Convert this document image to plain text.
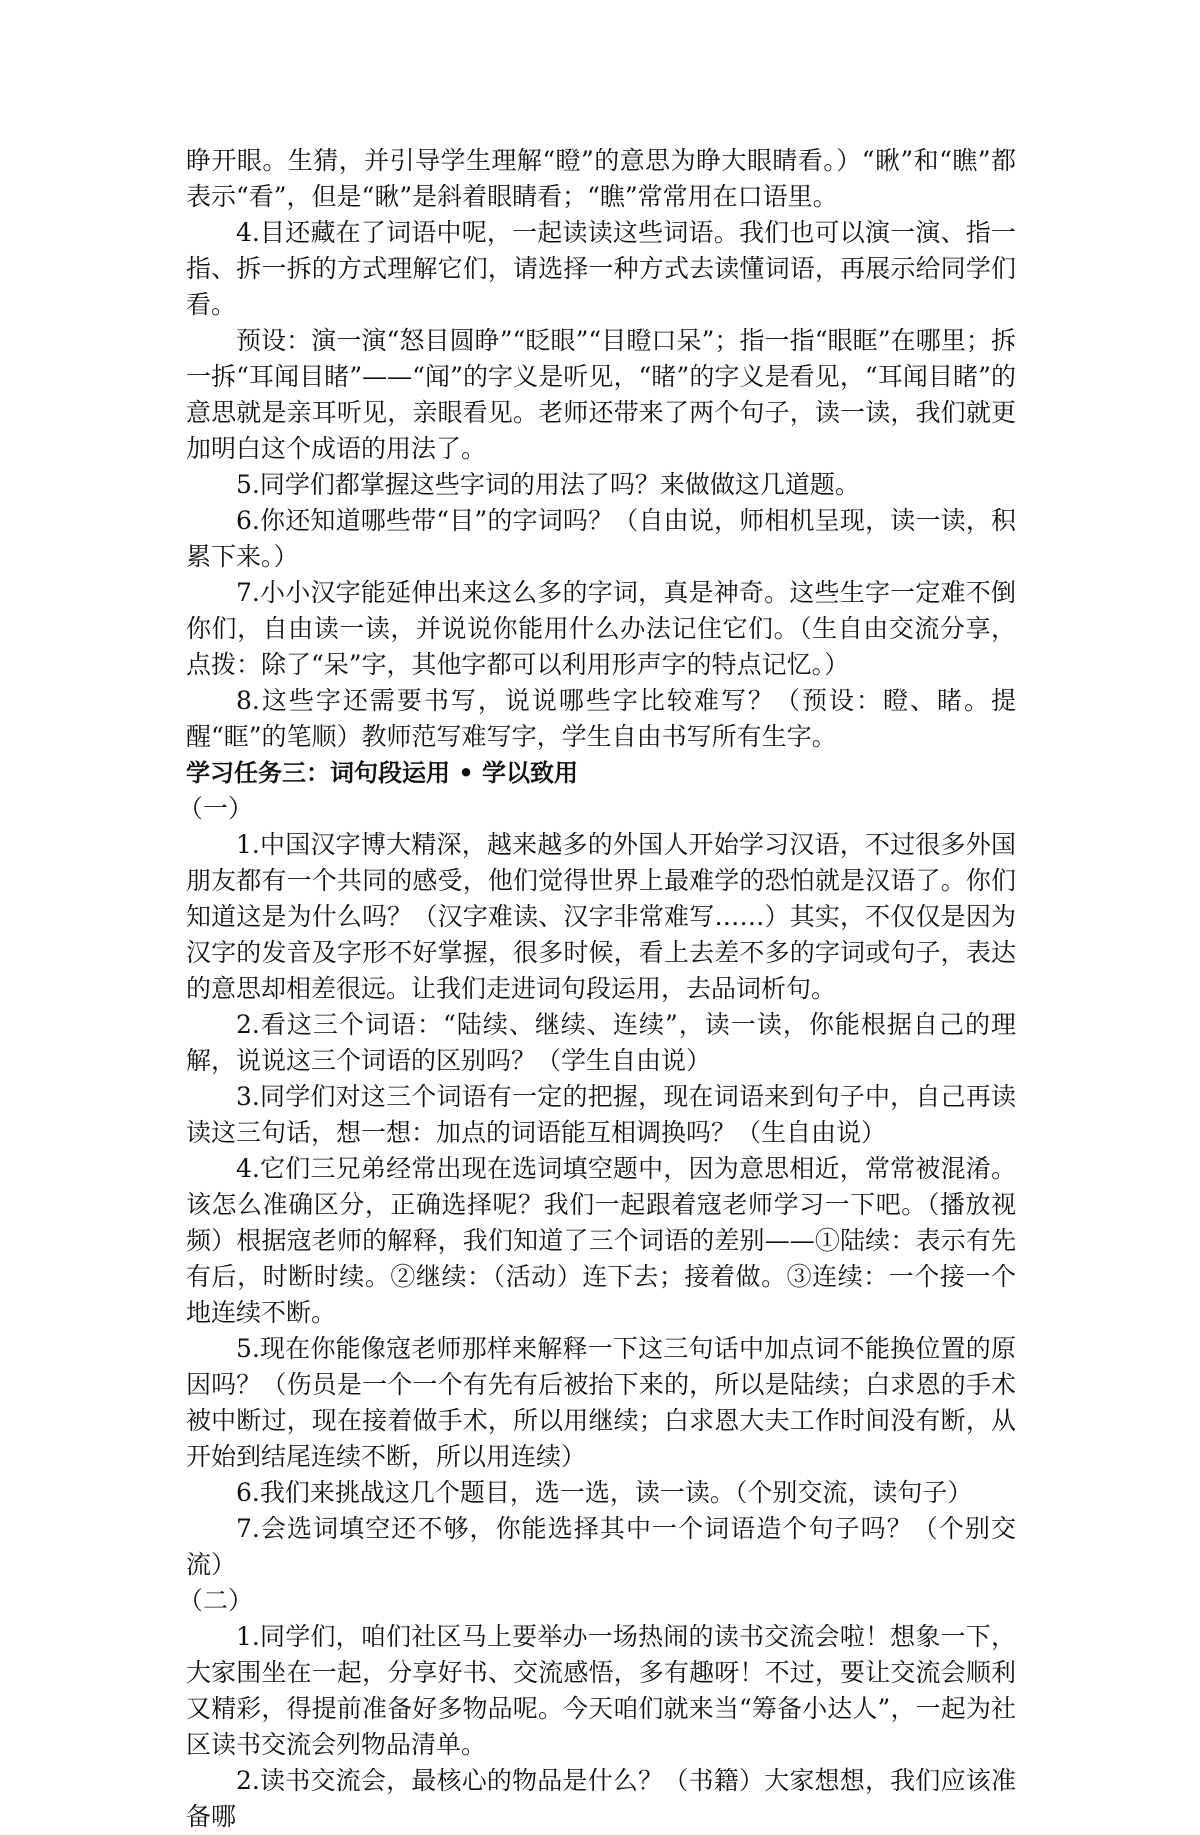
睁开眼。生猜，并引导学生理解“瞪”的意思为睁大眼睛看。）“瞅”和“瞧”都表示“看”，但是“瞅”是斜着眼睛看；“瞧”常常用在口语里。

4.目还藏在了词语中呢，一起读读这些词语。我们也可以演一演、指一指、拆一拆的方式理解它们，请选择一种方式去读懂词语，再展示给同学们看。

预设：演一演“怒目圆睁”“眨眼”“目瞪口呆”；指一指“眼眶”在哪里；拆一拆“耳闻目睹”——“闻”的字义是听见，“睹”的字义是看见，“耳闻目睹”的意思就是亲耳听见，亲眼看见。老师还带来了两个句子，读一读，我们就更加明白这个成语的用法了。

5.同学们都掌握这些字词的用法了吗？来做做这几道题。

6.你还知道哪些带“目”的字词吗？（自由说，师相机呈现，读一读，积累下来。）

7.小小汉字能延伸出来这么多的字词，真是神奇。这些生字一定难不倒你们，自由读一读，并说说你能用什么办法记住它们。（生自由交流分享，点拨：除了“呆”字，其他字都可以利用形声字的特点记忆。）

8.这些字还需要书写，说说哪些字比较难写？（预设：瞪、睹。提醒“眶”的笔顺）教师范写难写字，学生自由书写所有生字。

学习任务三：词句段运用 • 学以致用

（一）

1.中国汉字博大精深，越来越多的外国人开始学习汉语，不过很多外国朋友都有一个共同的感受，他们觉得世界上最难学的恐怕就是汉语了。你们知道这是为什么吗？（汉字难读、汉字非常难写……）其实，不仅仅是因为汉字的发音及字形不好掌握，很多时候，看上去差不多的字词或句子，表达的意思却相差很远。让我们走进词句段运用，去品词析句。

2.看这三个词语：“陆续、继续、连续”，读一读，你能根据自己的理解，说说这三个词语的区别吗？（学生自由说）

3.同学们对这三个词语有一定的把握，现在词语来到句子中，自己再读读这三句话，想一想：加点的词语能互相调换吗？（生自由说）

4.它们三兄弟经常出现在选词填空题中，因为意思相近，常常被混淆。该怎么准确区分，正确选择呢？我们一起跟着寇老师学习一下吧。（播放视频）根据寇老师的解释，我们知道了三个词语的差别——①陆续：表示有先有后，时断时续。②继续：（活动）连下去；接着做。③连续：一个接一个地连续不断。

5.现在你能像寇老师那样来解释一下这三句话中加点词不能换位置的原因吗？（伤员是一个一个有先有后被抬下来的，所以是陆续；白求恩的手术被中断过，现在接着做手术，所以用继续；白求恩大夫工作时间没有断，从开始到结尾连续不断，所以用连续）

6.我们来挑战这几个题目，选一选，读一读。（个别交流，读句子）

7.会选词填空还不够，你能选择其中一个词语造个句子吗？（个别交流）

（二）

1.同学们，咱们社区马上要举办一场热闹的读书交流会啦！想象一下，大家围坐在一起，分享好书、交流感悟，多有趣呀！不过，要让交流会顺利又精彩，得提前准备好多物品呢。今天咱们就来当“筹备小达人”，一起为社区读书交流会列物品清单。

2.读书交流会，最核心的物品是什么？（书籍）大家想想，我们应该准备哪
